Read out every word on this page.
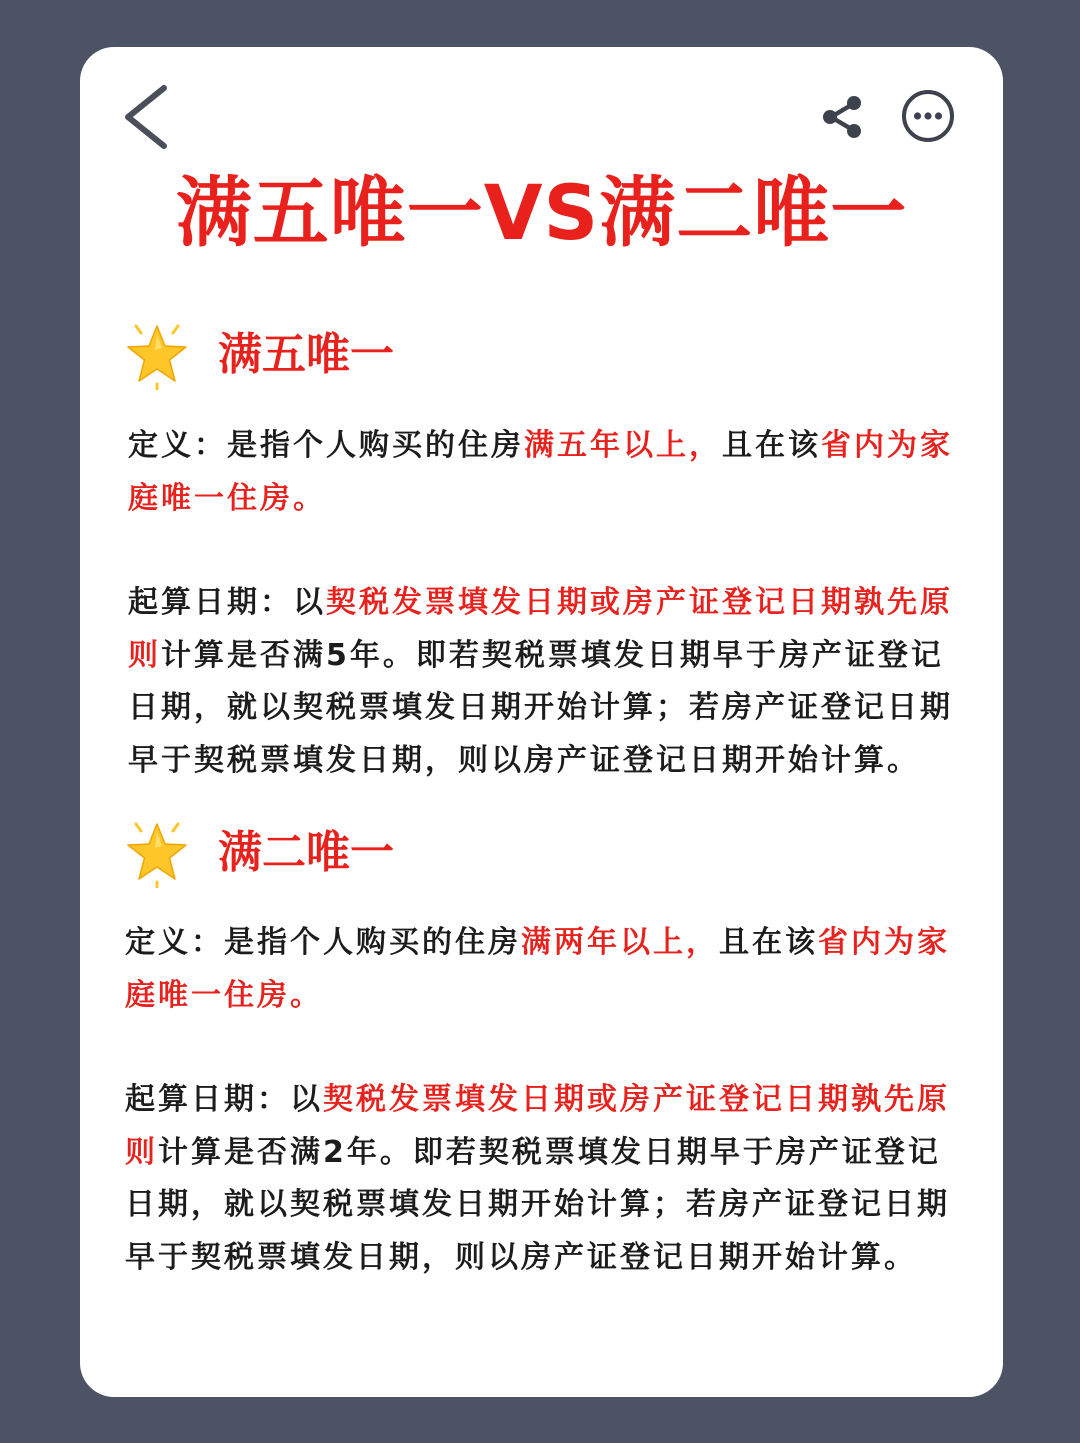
满五唯一VS满二唯一
满五唯一

定义：是指个人购买的住房满五年以上，且在该省内为家庭唯一住房。

起算日期：以契税发票填发日期或房产证登记日期孰先原则计算是否满5年。即若契税票填发日期早于房产证登记日期，就以契税票填发日期开始计算；若房产证登记日期早于契税票填发日期，则以房产证登记日期开始计算。

满二唯一

定义：是指个人购买的住房满两年以上，且在该省内为家庭唯一住房。

起算日期：以契税发票填发日期或房产证登记日期孰先原则计算是否满2年。即若契税票填发日期早于房产证登记日期，就以契税票填发日期开始计算；若房产证登记日期早于契税票填发日期，则以房产证登记日期开始计算。
